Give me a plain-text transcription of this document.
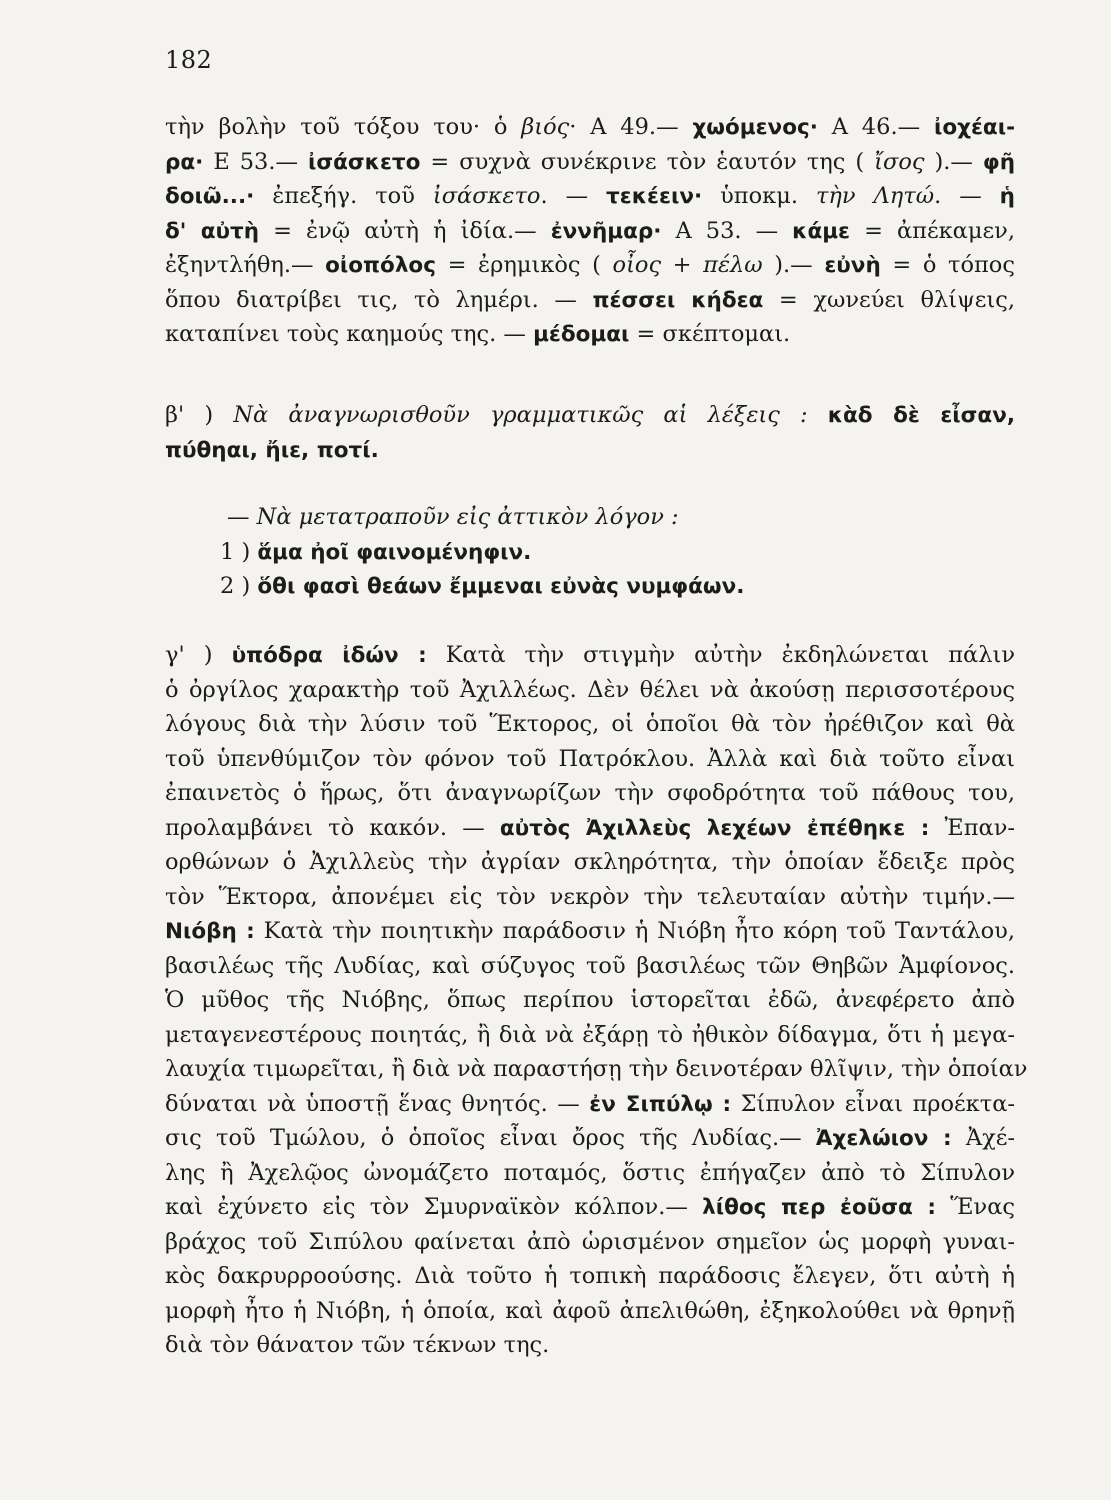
182
τὴν βολὴν τοῦ τόξου του· ὁ βιός· Α 49.— χωόμενος· Α 46.— ἰοχέαι-
ρα· Ε 53.— ἰσάσκετο = συχνὰ συνέκρινε τὸν ἑαυτόν της ( ἴσος ).— φῆ
δοιῶ...· ἐπεξήγ. τοῦ ἰσάσκετο. — τεκέειν· ὑποκμ. τὴν Λητώ. — ἡ
δ' αὐτὴ = ἐνῷ αὐτὴ ἡ ἰδία.— ἐννῆμαρ· Α 53. — κάμε = ἀπέκαμεν,
ἐξηντλήθη.— οἰοπόλος = ἐρημικὸς ( οἶος + πέλω ).— εὐνὴ = ὁ τόπος
ὅπου διατρίβει τις, τὸ λημέρι. — πέσσει κήδεα = χωνεύει θλίψεις,
καταπίνει τοὺς καημούς της. — μέδομαι = σκέπτομαι.
β' ) Νὰ ἀναγνωρισθοῦν γραμματικῶς αἱ λέξεις : κὰδ δὲ εἶσαν,
πύθηαι, ἤιε, ποτί.
— Νὰ μετατραποῦν εἰς ἀττικὸν λόγον :
1 ) ἅμα ἠοῖ φαινομένηφιν.
2 ) ὅθι φασὶ θεάων ἔμμεναι εὐνὰς νυμφάων.
γ' ) ὑπόδρα ἰδών : Κατὰ τὴν στιγμὴν αὐτὴν ἐκδηλώνεται πάλιν
ὁ ὀργίλος χαρακτὴρ τοῦ Ἀχιλλέως. Δὲν θέλει νὰ ἀκούσῃ περισσοτέρους
λόγους διὰ τὴν λύσιν τοῦ Ἕκτορος, οἱ ὁποῖοι θὰ τὸν ἠρέθιζον καὶ θὰ
τοῦ ὑπενθύμιζον τὸν φόνον τοῦ Πατρόκλου. Ἀλλὰ καὶ διὰ τοῦτο εἶναι
ἐπαινετὸς ὁ ἥρως, ὅτι ἀναγνωρίζων τὴν σφοδρότητα τοῦ πάθους του,
προλαμβάνει τὸ κακόν. — αὐτὸς Ἀχιλλεὺς λεχέων ἐπέθηκε : Ἐπαν-
ορθώνων ὁ Ἀχιλλεὺς τὴν ἀγρίαν σκληρότητα, τὴν ὁποίαν ἔδειξε πρὸς
τὸν Ἕκτορα, ἀπονέμει εἰς τὸν νεκρὸν τὴν τελευταίαν αὐτὴν τιμήν.—
Νιόβη : Κατὰ τὴν ποιητικὴν παράδοσιν ἡ Νιόβη ἦτο κόρη τοῦ Ταντάλου,
βασιλέως τῆς Λυδίας, καὶ σύζυγος τοῦ βασιλέως τῶν Θηβῶν Ἀμφίονος.
Ὁ μῦθος τῆς Νιόβης, ὅπως περίπου ἱστορεῖται ἐδῶ, ἀνεφέρετο ἀπὸ
μεταγενεστέρους ποιητάς, ἢ διὰ νὰ ἐξάρῃ τὸ ἠθικὸν δίδαγμα, ὅτι ἡ μεγα-
λαυχία τιμωρεῖται, ἢ διὰ νὰ παραστήσῃ τὴν δεινοτέραν θλῖψιν, τὴν ὁποίαν
δύναται νὰ ὑποστῇ ἕνας θνητός. — ἐν Σιπύλῳ : Σίπυλον εἶναι προέκτα-
σις τοῦ Τμώλου, ὁ ὁποῖος εἶναι ὄρος τῆς Λυδίας.— Ἀχελώιον : Ἀχέ-
λης ἢ Ἀχελῷος ὠνομάζετο ποταμός, ὅστις ἐπήγαζεν ἀπὸ τὸ Σίπυλον
καὶ ἐχύνετο εἰς τὸν Σμυρναϊκὸν κόλπον.— λίθος περ ἐοῦσα : Ἕνας
βράχος τοῦ Σιπύλου φαίνεται ἀπὸ ὡρισμένον σημεῖον ὡς μορφὴ γυναι-
κὸς δακρυρροούσης. Διὰ τοῦτο ἡ τοπικὴ παράδοσις ἔλεγεν, ὅτι αὐτὴ ἡ
μορφὴ ἦτο ἡ Νιόβη, ἡ ὁποία, καὶ ἀφοῦ ἀπελιθώθη, ἐξηκολούθει νὰ θρηνῇ
διὰ τὸν θάνατον τῶν τέκνων της.
